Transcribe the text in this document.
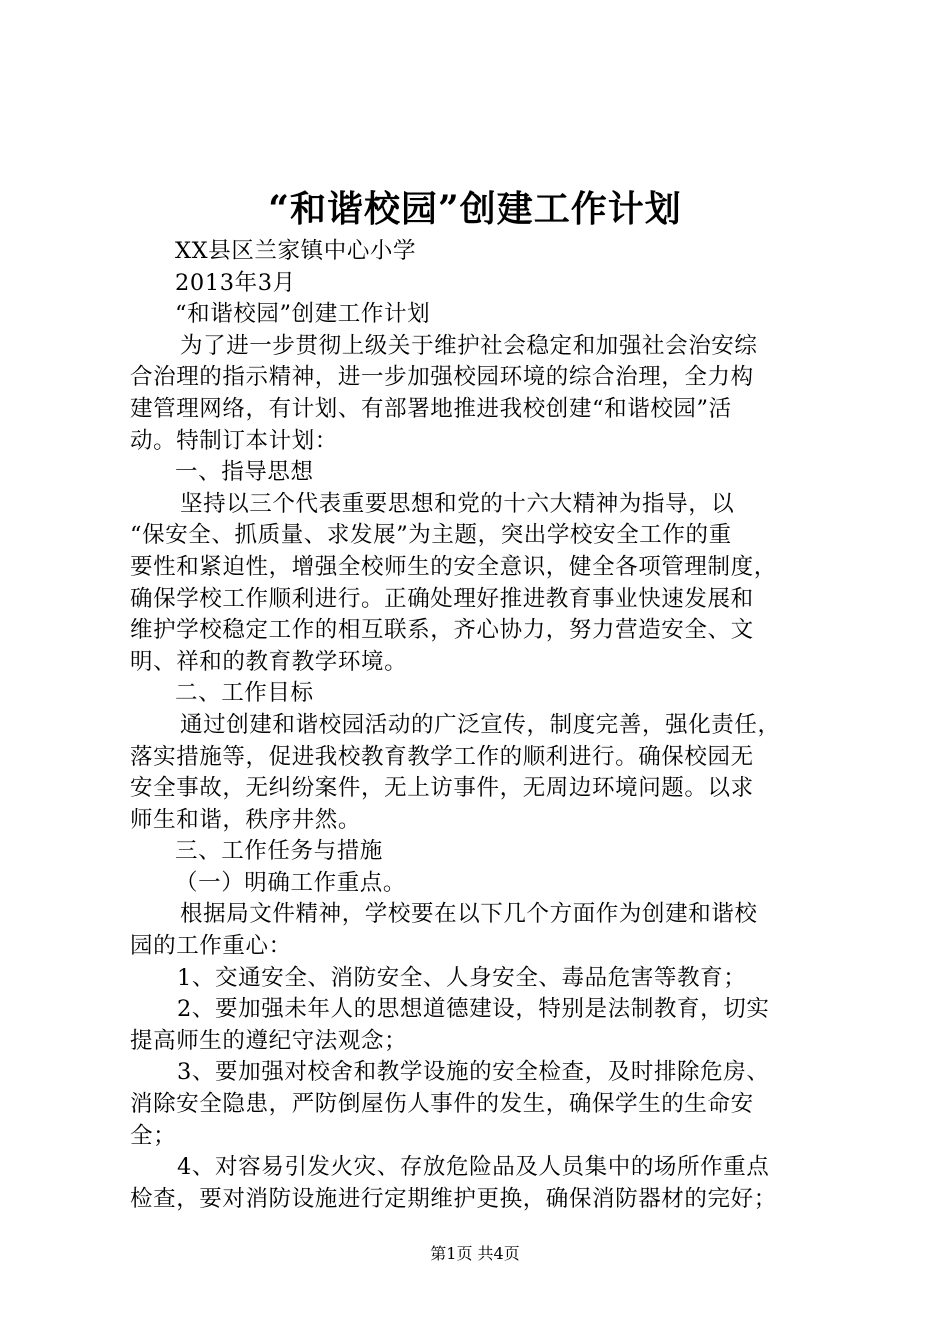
“和谐校园”创建工作计划
XX县区兰家镇中心小学
2013年3月
“和谐校园”创建工作计划
为了进一步贯彻上级关于维护社会稳定和加强社会治安综
合治理的指示精神，进一步加强校园环境的综合治理，全力构
建管理网络，有计划、有部署地推进我校创建“和谐校园”活
动。特制订本计划：
一、指导思想
坚持以三个代表重要思想和党的十六大精神为指导，以
“保安全、抓质量、求发展”为主题，突出学校安全工作的重
要性和紧迫性，增强全校师生的安全意识，健全各项管理制度，
确保学校工作顺利进行。正确处理好推进教育事业快速发展和
维护学校稳定工作的相互联系，齐心协力，努力营造安全、文
明、祥和的教育教学环境。
二、工作目标
通过创建和谐校园活动的广泛宣传，制度完善，强化责任，
落实措施等，促进我校教育教学工作的顺利进行。确保校园无
安全事故，无纠纷案件，无上访事件，无周边环境问题。以求
师生和谐，秩序井然。
三、工作任务与措施
（一）明确工作重点。
根据局文件精神，学校要在以下几个方面作为创建和谐校
园的工作重心：
1、交通安全、消防安全、人身安全、毒品危害等教育；
2、要加强未年人的思想道德建设，特别是法制教育，切实
提高师生的遵纪守法观念；
3、要加强对校舍和教学设施的安全检查，及时排除危房、
消除安全隐患，严防倒屋伤人事件的发生，确保学生的生命安
全；
4、对容易引发火灾、存放危险品及人员集中的场所作重点
检查，要对消防设施进行定期维护更换，确保消防器材的完好；
第1页 共4页
